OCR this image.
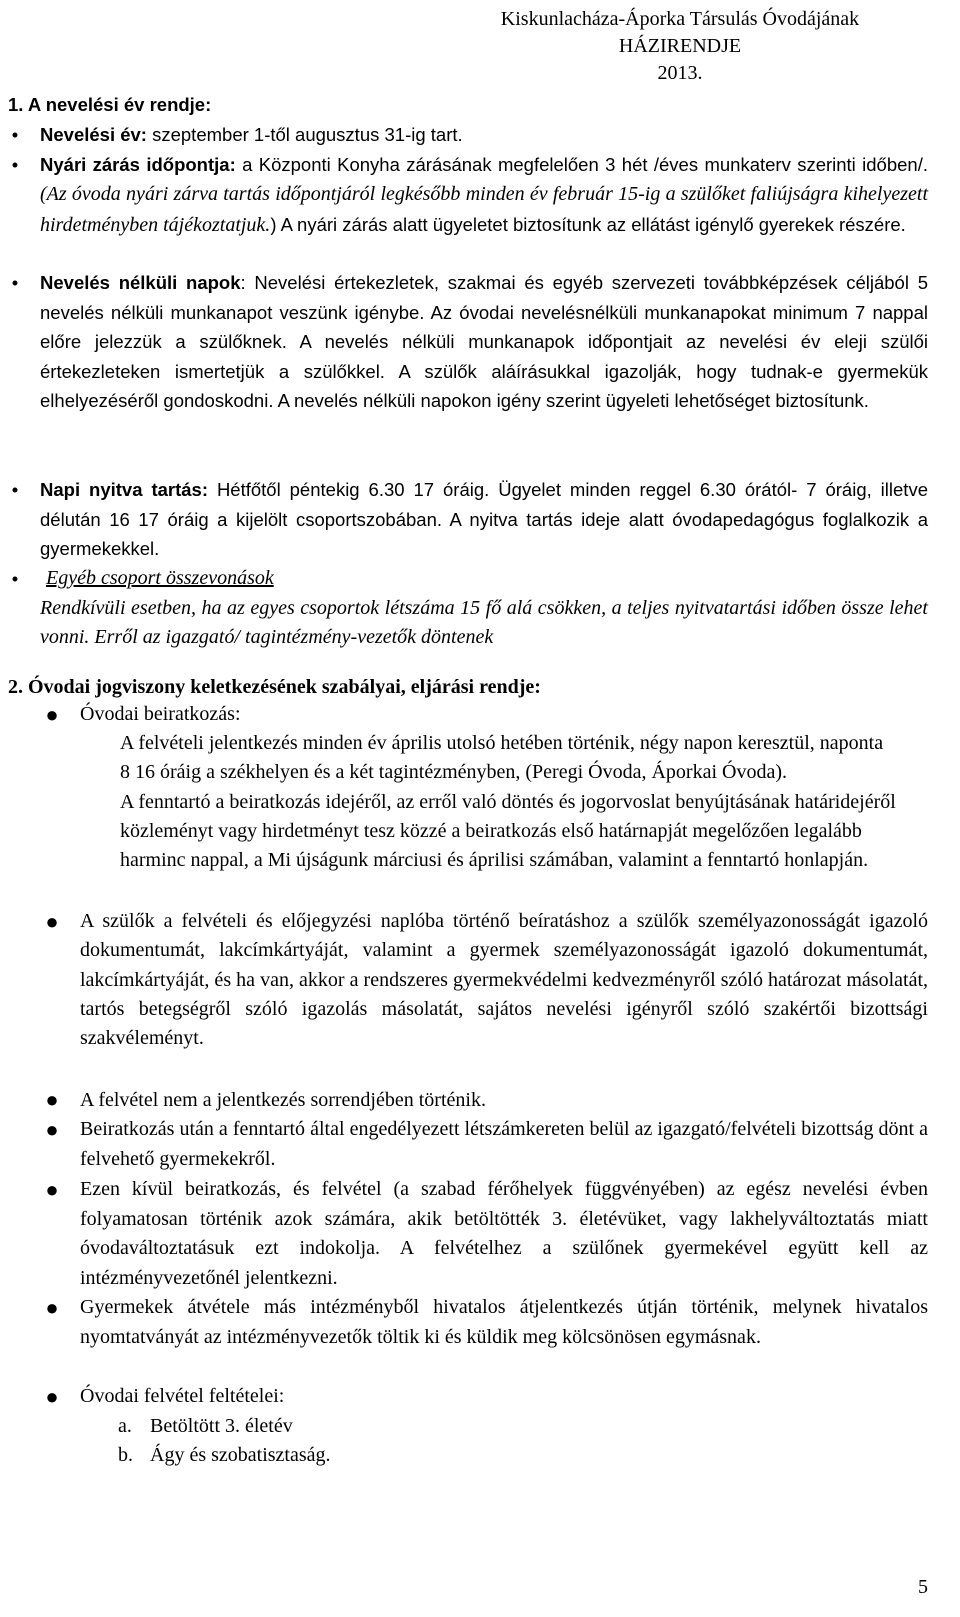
Kiskunlacháza-Áporka Társulás Óvodájának
HÁZIRENDJE
2013.
1. A nevelési év rendje:
• Nevelési év: szeptember 1-től augusztus 31-ig tart.

• Nyári zárás időpontja: a Központi Konyha zárásának megfelelően 3 hét /éves munkaterv szerinti időben/.(Az óvoda nyári zárva tartás időpontjáról legkésőbb minden év február 15-ig a szülőket faliújságra kihelyezett hirdetményben tájékoztatjuk.) A nyári zárás alatt ügyeletet biztosítunk az ellátást igénylő gyerekek részére.

• Nevelés nélküli napok: Nevelési értekezletek, szakmai és egyéb szervezeti továbbképzések céljából 5 nevelés nélküli munkanapot veszünk igénybe. Az óvodai nevelésnélküli munkanapokat minimum 7 nappal előre jelezzük a szülőknek. A nevelés nélküli munkanapok időpontjait az nevelési év eleji szülői értekezleteken ismertetjük a szülőkkel. A szülők aláírásukkal igazolják, hogy tudnak-e gyermekük elhelyezéséről gondoskodni. A nevelés nélküli napokon igény szerint ügyeleti lehetőséget biztosítunk.

• Napi nyitva tartás: Hétfőtől péntekig 6.30 17 óráig. Ügyelet minden reggel 6.30 órától- 7 óráig, illetve délután 16 17 óráig a kijelölt csoportszobában. A nyitva tartás ideje alatt óvodapedagógus foglalkozik a gyermekekkel.

•	Egyéb csoport összevonások

Rendkívüli esetben, ha az egyes csoportok létszáma 15 fő alá csökken, a teljes nyitvatartási időben össze lehet vonni. Erről az igazgató/ tagintézmény-vezetők döntenek

2. Óvodai jogviszony keletkezésének szabályai, eljárási rendje:
● Óvodai beiratkozás:

A felvételi jelentkezés minden év április utolsó hetében történik, négy napon keresztül, naponta 8 16 óráig a székhelyen és a két tagintézményben, (Peregi Óvoda, Áporkai Óvoda).

A fenntartó a beiratkozás idejéről, az erről való döntés és jogorvoslat benyújtásának határidejéről közleményt vagy hirdetményt tesz közzé a beiratkozás első határnapját megelőzően legalább harminc nappal, a Mi újságunk márciusi és áprilisi számában, valamint a fenntartó honlapján.

● A szülők a felvételi és előjegyzési naplóba történő beíratáshoz a szülők személyazonosságát igazoló dokumentumát, lakcímkártyáját, valamint a gyermek személyazonosságát igazoló dokumentumát, lakcímkártyáját, és ha van, akkor a rendszeres gyermekvédelmi kedvezményről szóló határozat másolatát, tartós betegségről szóló igazolás másolatát, sajátos nevelési igényről szóló szakértői bizottsági szakvéleményt.

● A felvétel nem a jelentkezés sorrendjében történik.

● Beiratkozás után a fenntartó által engedélyezett létszámkereten belül az igazgató/felvételi bizottság dönt a felvehető gyermekekről.

● Ezen kívül beiratkozás, és felvétel (a szabad férőhelyek függvényében) az egész nevelési évben folyamatosan történik azok számára, akik betöltötték 3. életévüket, vagy lakhelyváltoztatás miatt óvodaváltoztatásuk ezt indokolja. A felvételhez a szülőnek gyermekével együtt kell az intézményvezetőnél jelentkezni.

● Gyermekek átvétele más intézményből hivatalos átjelentkezés útján történik, melynek hivatalos nyomtatványát az intézményvezetők töltik ki és küldik meg kölcsönösen egymásnak.

● Óvodai felvétel feltételei:

a. Betöltött 3. életév

b. Ágy és szobatisztaság.

5
